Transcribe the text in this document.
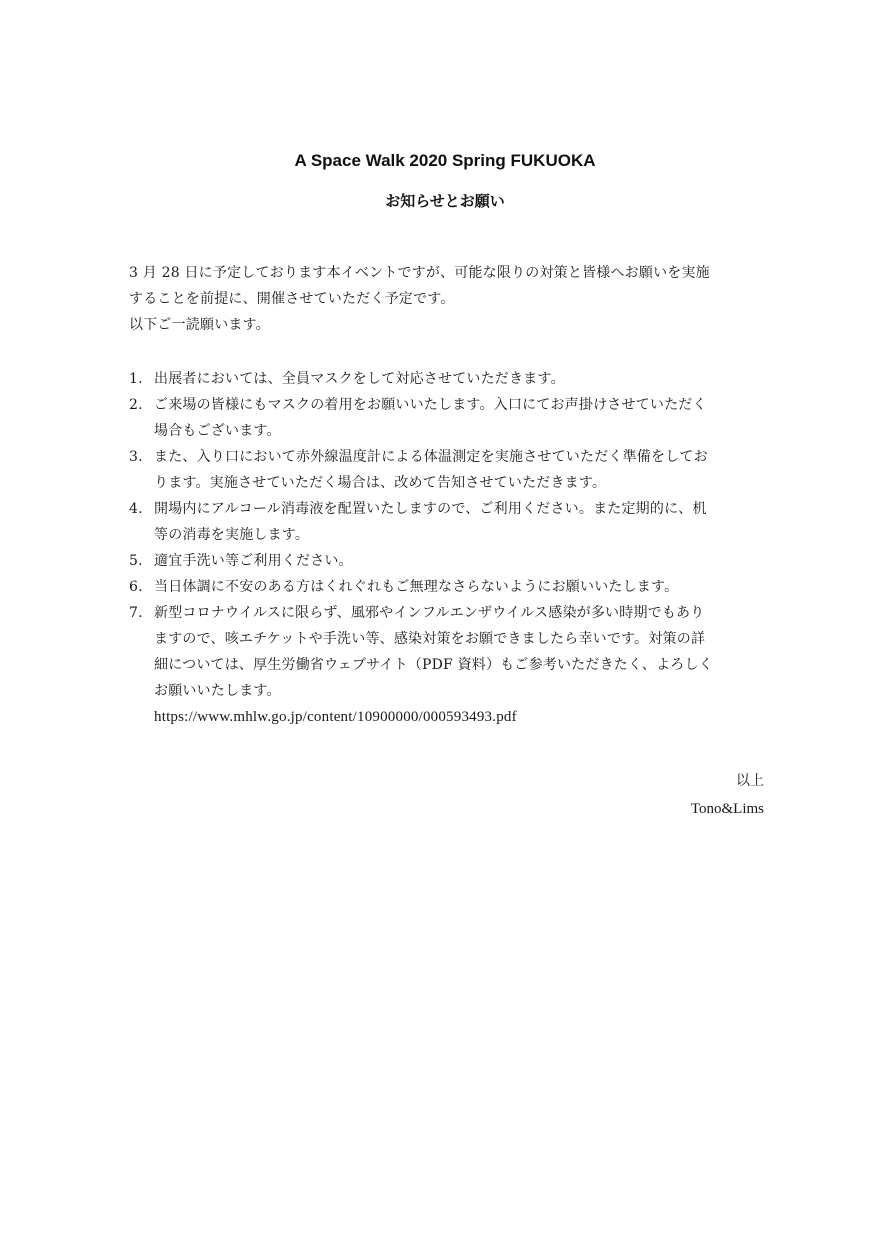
A Space Walk 2020 Spring FUKUOKA
お知らせとお願い
3 月 28 日に予定しております本イベントですが、可能な限りの対策と皆様へお願いを実施
することを前提に、開催させていただく予定です。
以下ご一読願います。
1. 出展者においては、全員マスクをして対応させていただきます。
2. ご来場の皆様にもマスクの着用をお願いいたします。入口にてお声掛けさせていただく
場合もございます。
3. また、入り口において赤外線温度計による体温測定を実施させていただく準備をしてお
ります。実施させていただく場合は、改めて告知させていただきます。
4. 開場内にアルコール消毒液を配置いたしますので、ご利用ください。また定期的に、机
等の消毒を実施します。
5. 適宜手洗い等ご利用ください。
6. 当日体調に不安のある方はくれぐれもご無理なさらないようにお願いいたします。
7. 新型コロナウイルスに限らず、風邪やインフルエンザウイルス感染が多い時期でもあり
ますので、咳エチケットや手洗い等、感染対策をお願できましたら幸いです。対策の詳
細については、厚生労働省ウェブサイト（PDF 資料）もご参考いただきたく、よろしく
お願いいたします。
https://www.mhlw.go.jp/content/10900000/000593493.pdf
以上
Tono&Lims
